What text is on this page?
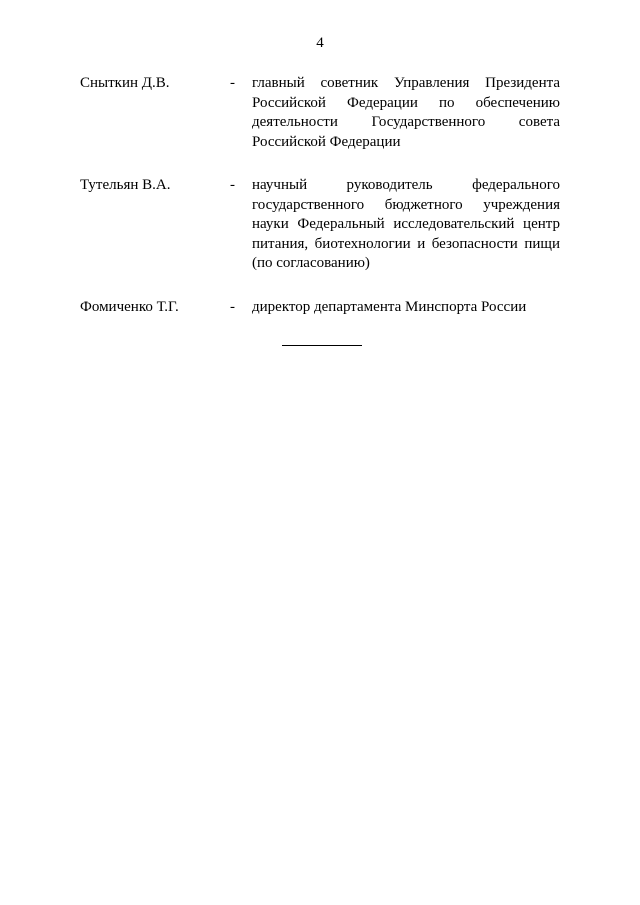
4
Сныткин Д.В.	- главный советник Управления Президента Российской Федерации по обеспечению деятельности Государственного совета Российской Федерации
Тутельян В.А.	- научный руководитель федерального государственного бюджетного учреждения науки Федеральный исследовательский центр питания, биотехнологии и безопасности пищи (по согласованию)
Фомиченко Т.Г.	- директор департамента Минспорта России
